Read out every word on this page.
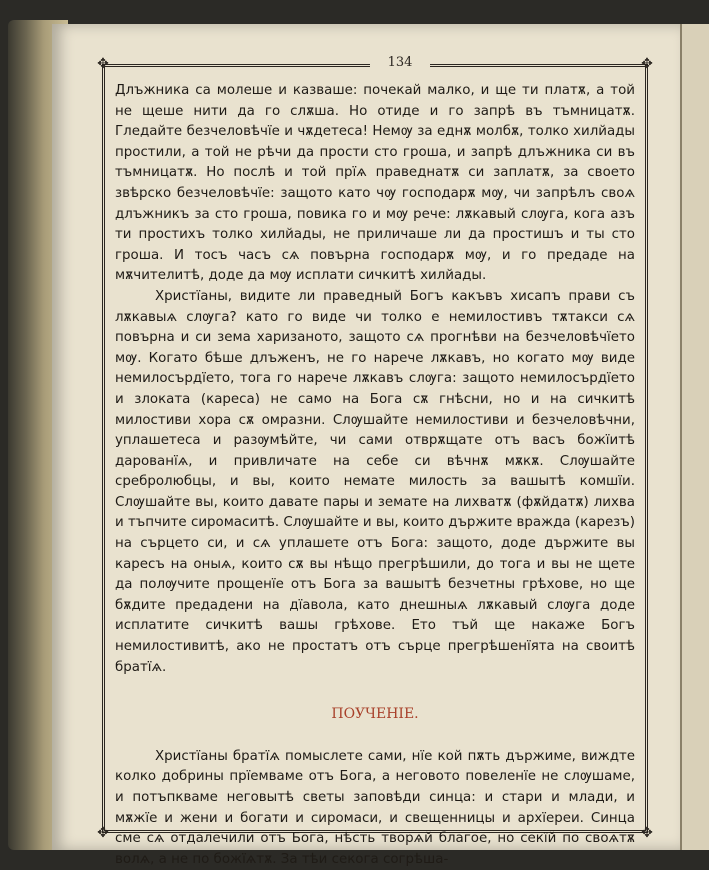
✥	✥
✥	✥
134

Длъжника са молеше и казваше: почекай малко, и ще ти платѫ, а той не щеше нити да го слѫша. Но отиде и го запрѣ въ тъмницатѫ. Гледайте безчеловѣчїе и чѫдетеса! Немѹ за еднѫ молбѫ, толко хилйады простили, а той не рѣчи да прости сто гроша, и запрѣ длъжника си въ тъмницатѫ. Но послѣ и той прїѧ праведнатѫ си заплатѫ, за своето звѣрско безчеловѣчїе: защото като чѹ господарѫ мѹ, чи запрѣлъ своѧ длъжникъ за сто гроша, повика го и мѹ рече: лѫкавый слѹга, кога азъ ти простихъ толко хилйады, не приличаше ли да простишъ и ты сто гроша. И тосъ часъ сѧ повърна господарѫ мѹ, и го предаде на мѫчителитѣ, доде да мѹ исплати сичкитѣ хилйады.

Христїаны, видите ли праведный Богъ какъвъ хисапъ прави съ лѫкавыѧ слѹга? като го виде чи толко е немилостивъ тѫтакси сѧ повърна и си зема харизаното, защото сѧ прогнѣви на безчеловѣчїето мѹ. Когато бѣше длъженъ, не го нарече лѫкавъ, но когато мѹ виде немилосърдїето, тога го нарече лѫкавъ слѹга: защото немилосърдїето и злоката (кареса) не само на Бога сѫ гнѣсни, но и на сичкитѣ милостиви хора сѫ омразни. Слѹшайте немилостиви и безчеловѣчни, уплашетеса и разѹмѣйте, чи сами отврѫщате отъ васъ божїитѣ дарованїѧ, и привличате на себе си вѣчнѫ мѫкѫ. Слѹшайте сребролюбцы, и вы, които немате милость за вашытѣ комшїи. Слѹшайте вы, които давате пары и земате на лихватѫ (фѫйдатѫ) лихва и тъпчите сиромаситѣ. Слѹшайте и вы, които държите вражда (карезъ) на сърцето си, и сѧ уплашете отъ Бога: защото, доде държите вы каресъ на оныѧ, които сѫ вы нѣщо прегрѣшили, до тога и вы не щете да полѹчите прощенїе отъ Бога за вашытѣ безчетны грѣхове, но ще бѫдите предадени на дїавола, като днешныѧ лѫкавый слѹга доде исплатите сичкитѣ вашы грѣхове. Ето тъй ще накаже Богъ немилостивитѣ, ако не простатъ отъ сърце прегрѣшенїята на своитѣ братїѧ.

ПОУЧЕНIЕ.

Христїаны братїѧ помыслете сами, нїе кой пѫть държиме, виждте колко добрины прїемваме отъ Бога, а неговото повеленїе не слѹшаме, и потъпкваме неговытѣ светы заповѣди синца: и стари и млади, и мѫжїе и жени и богати и сиромаси, и свещенницы и архїереи. Синца сме сѧ отдалечили отъ Бога, нѣсть творѧй благое, но секїй по своѧтѫ волѧ, а не по божїѧтѫ. За тѣи секога согрѣша-
